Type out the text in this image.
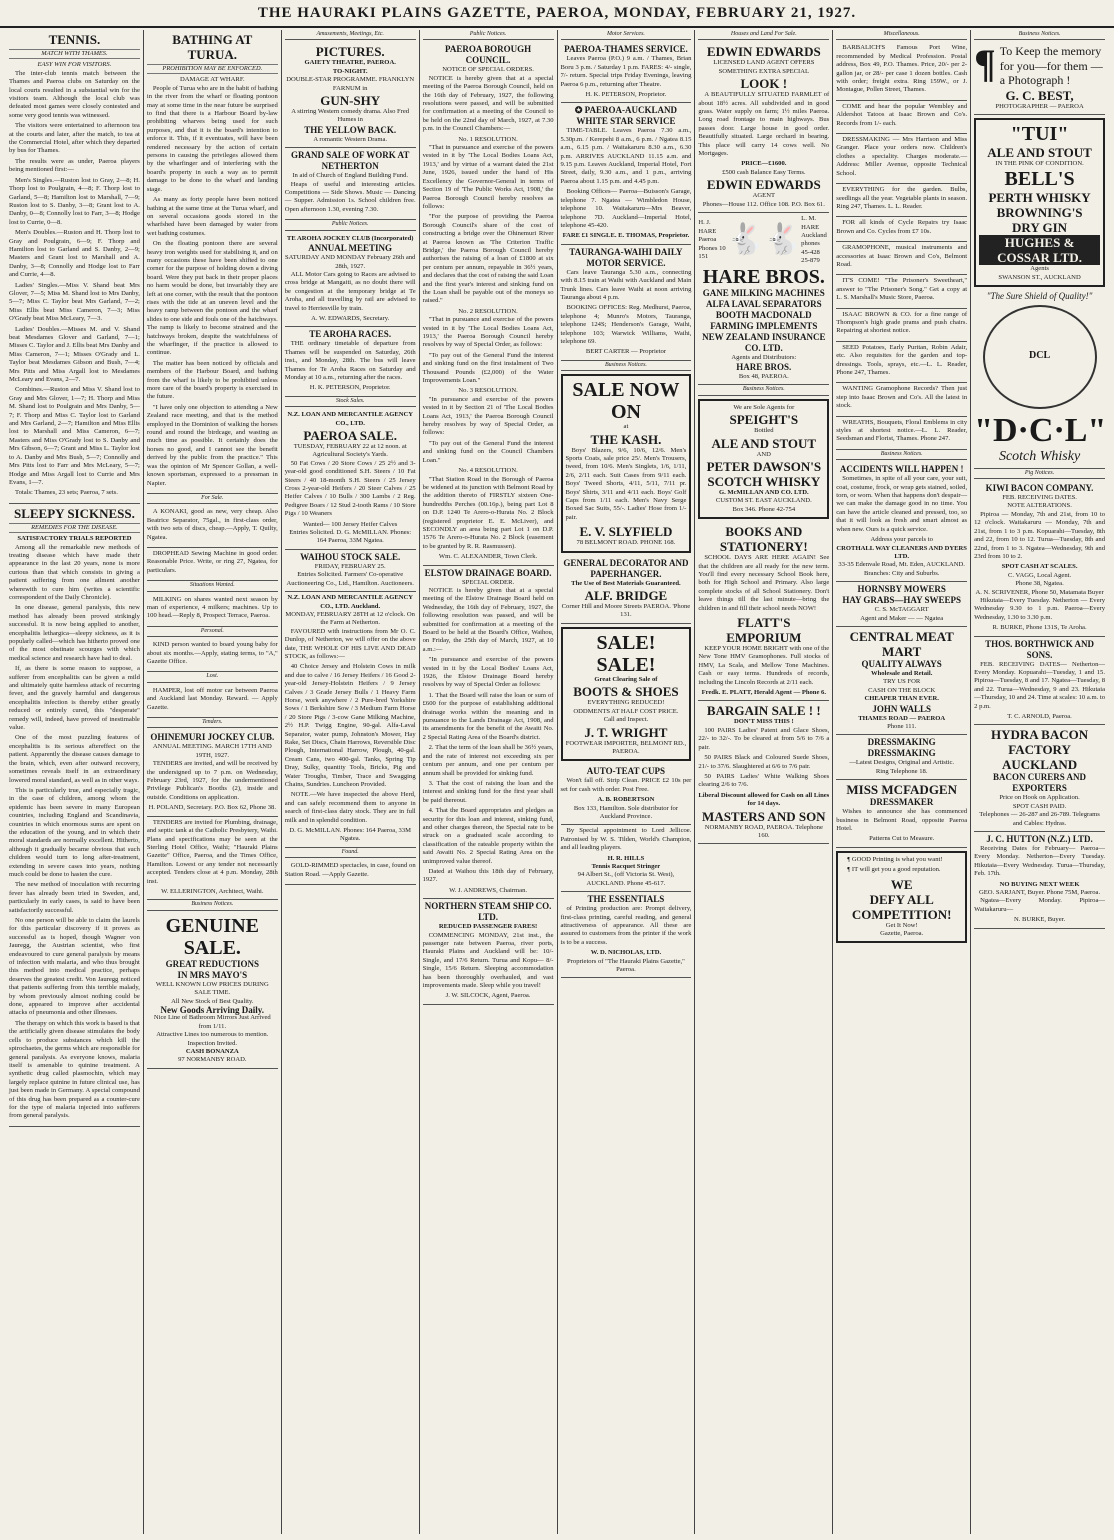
THE HAURAKI PLAINS GAZETTE, PAEROA, MONDAY, FEBRUARY 21, 1927.
TENNIS.
MATCH WITH THAMES.
EASY WIN FOR VISITORS.

The inter-club tennis match between the Thames and Paeroa clubs on Saturday on the local courts resulted in a substantial win for the visitors team. Although the local club was defeated most games were closely contested and some very good tennis was witnessed.

The visitors were entertained to afternoon tea at the courts and later, after the match, to tea at the Commercial Hotel, after which they departed by bus for Thames.

The results were as under, Paeroa players being mentioned first:—

Men's Singles.—Ruston lost to Gray, 2—8; H. Thorp lost to Poulgrain, 4—8; F. Thorp lost to Garland, 5—8; Hamilton lost to Marshall, 7—9; Ruston lost to S. Danby, 3—8; Grant lost to A. Danby, 0—8; Connolly lost to Farr, 3—8; Hodge lost to Currie, 0—8.

Men's Doubles.—Ruston and H. Thorp lost to Gray and Poulgrain, 6—9; F. Thorp and Hamilton lost to Garland and S. Danby, 2—9; Masters and Grant lost to Marshall and A. Danby, 3—8; Connolly and Hodge lost to Farr and Currie, 4—8.

Ladies' Singles.—Miss V. Shand beat Mrs Glover, 7—5; Miss M. Shand lost to Mrs Danby, 5—7; Miss C. Taylor beat Mrs Garland, 7—2; Miss Ellis beat Miss Cameron, 7—3; Miss O'Grady beat Miss McLeary, 7—3.

Ladies' Doubles.—Misses M. and V. Shand beat Mesdames Glover and Garland, 7—1; Misses C. Taylor and J. Ellis beat Mrs Danby and Miss Cameron, 7—1; Misses O'Grady and L. Taylor beat Mesdames Gibson and Bush, 7—4; Mrs Pitts and Miss Argall lost to Mesdames McLeary and Evans, 2—7.

Combines.—Ruston and Miss V. Shand lost to Gray and Mrs Glover, 1—7; H. Thorp and Miss M. Shand lost to Poulgrain and Mrs Danby, 5—7; F. Thorp and Miss C. Taylor lost to Garland and Mrs Garland, 2—7; Hamilton and Miss Ellis lost to Marshall and Miss Cameron, 6—7; Masters and Miss O'Grady lost to S. Danby and Mrs Gibson, 6—7; Grant and Miss L. Taylor lost to A. Danby and Mrs Bush, 5—7; Connolly and Mrs Pitts lost to Farr and Mrs McLeary, 5—7; Hodge and Miss Argall lost to Currie and Mrs Evans, 1—7.

Totals: Thames, 23 sets; Paeroa, 7 sets.

SLEEPY SICKNESS.
REMEDIES FOR THE DISEASE.
SATISFACTORY TRIALS REPORTED

Among all the remarkable new methods of treating disease which have made their appearance in the last 20 years, none is more curious than that which consists in giving a patient suffering from one ailment another wherewith to cure him (writes a scientific correspondent of the Daily Chronicle).

In one disease, general paralysis, this new method has already been proved strikingly successful. It is now being applied to another, encephalitis lethargica—sleepy sickness, as it is popularly called—which has hitherto proved one of the most obstinate scourges with which medical science and research have had to deal.

If, as there is some reason to suppose, a sufferer from encephalitis can be given a mild and ultimately quite harmless attack of recurring fever, and the gravely harmful and dangerous encephalitis infection is thereby either greatly reduced or entirely cured, this "desperate" remedy will, indeed, have proved of inestimable value.

One of the most puzzling features of encephalitis is its serious aftereffect on the patient. Apparently the disease causes damage to the brain, which, even after outward recovery, sometimes reveals itself in an extraordinary lowered moral standard, as well as in other ways.

This is particularly true, and especially tragic, in the case of children, among whom the epidemic has been severe in many European countries, including England and Scandinavia, countries in which enormous sums are spent on the education of the young, and in which their moral standards are normally excellent. Hitherto, although it gradually became obvious that such children would turn to long after-treatment, extending in severe cases into years, nothing much could be done to hasten the cure.

The new method of inoculation with recurring fever has already been tried in Sweden, and, particularly in early cases, is said to have been satisfactorily successful.

No one person will be able to claim the laurels for this particular discovery if it proves as successful as is hoped, though Wagner von Jauregg, the Austrian scientist, who first endeavoured to cure general paralysis by means of infection with malaria, and who thus brought this method into medical practice, perhaps deserves the greatest credit. Von Jauregg noticed that patients suffering from this terrible malady, by whom previously almost nothing could be done, appeared to improve after accidental attacks of pneumonia and other illnesses.

The therapy on which this work is based is that the artificially given disease stimulates the body cells to produce substances which kill the spirochaetes, the germs which are responsible for general paralysis. As everyone knows, malaria itself is amenable to quinine treatment. A synthetic drug called plasmochin, which may largely replace quinine in future clinical use, has just been made in Germany. A special compound of this drug has been prepared as a counter-cure for the type of malaria injected into sufferers from general paralysis.

BATHING AT TURUA.
PROHIBITION MAY BE ENFORCED.
DAMAGE AT WHARF.

People of Turua who are in the habit of bathing in the river from the wharf or floating pontoon may at some time in the near future be surprised to find that there is a Harbour Board by-law prohibiting wharves being used for such purposes, and that it is the board's intention to enforce it. This, if it eventuates, will have been rendered necessary by the action of certain persons in causing the privileges allowed them by the wharfinger and of interfering with the board's property in such a way as to permit damage to be done to the wharf and landing stage.

As many as forty people have been noticed bathing at the same time at the Turua wharf, and on several occasions goods stored in the wharfshed have been damaged by water from wet bathing costumes.

On the floating pontoon there are several heavy iron weights used for stabilising it, and on many occasions these have been shifted to one corner for the purpose of holding down a diving board. Were they put back in their proper places no harm would be done, but invariably they are left at one corner, with the result that the pontoon rises with the tide at an uneven level and the heavy ramp between the pontoon and the wharf slides to one side and fouls one of the hatchways. The ramp is likely to become strained and the hatchways broken, despite the watchfulness of the wharfinger, if the practice is allowed to continue.

The matter has been noticed by officials and members of the Harbour Board, and bathing from the wharf is likely to be prohibited unless more care of the board's property is exercised in the future.

"I have only one objection to attending a New Zealand race meeting, and that is the method employed in the Dominion of walking the horses round and round the birdcage, and wasting as much time as possible. It certainly does the horses no good, and I cannot see the benefit derived by the public from the practice." This was the opinion of Mr Spencer Gollan, a well-known sportsman, expressed to a pressman in Napier.

For Sale.

A KONAKI, good as new, very cheap. Also Beatrice Separator, 75gal., in first-class order, with two sets of discs, cheap.—Apply, T. Quilty, Ngatea.

DROPHEAD Sewing Machine in good order. Reasonable Price. Write, or ring 27, Ngatea, for particulars.

Situations Wanted.

MILKING on shares wanted next season by man of experience, 4 milkers; machines. Up to 100 head.—Reply 8, Prospect Terrace, Paeroa.

Personal.

KIND person wanted to board young baby for about six months.—Apply, stating terms, to "A," Gazette Office.

Lost.

HAMPER, lost off motor car between Paeroa and Auckland last Monday. Reward. — Apply Gazette.

Tenders.
OHINEMURI JOCKEY CLUB.
ANNUAL MEETING. MARCH 17TH AND 19TH, 1927.

TENDERS are invited, and will be received by the undersigned up to 7 p.m. on Wednesday, February 23rd, 1927, for the undermentioned Privilege Publican's Booths (2), inside and outside. Conditions on application.

H. POLAND, Secretary. P.O. Box 62, Phone 38.

TENDERS are invited for Plumbing, drainage, and septic tank at the Catholic Presbytery, Waihi. Plans and specifications may be seen at the Sterling Hotel Office, Waihi; "Hauraki Plains Gazette" Office, Paeroa, and the Times Office, Hamilton. Lowest or any tender not necessarily accepted. Tenders close at 4 p.m. Monday, 28th inst.

W. ELLERINGTON, Architect, Waihi.
Business Notices.
GENUINE SALE.
GREAT REDUCTIONS
IN MRS MAYO'S
WELL KNOWN LOW PRICES DURING SALE TIME.
All New Stock of Best Quality.
New Goods Arriving Daily.
Nice Line of Bathroom Mirrors Just Arrived from 1/11.
Attractive Lines too numerous to mention.
Inspection Invited.
CASH BONANZA
97 NORMANBY ROAD.
Amusements, Meetings, Etc.
PICTURES.
GAIETY THEATRE, PAEROA.
TO-NIGHT.
DOUBLE-STAR PROGRAMME. FRANKLYN FARNUM in
GUN-SHY
A stirring Western comedy drama. Also Fred Humes in
THE YELLOW BACK.
A romantic Western Drama.
GRAND SALE OF WORK AT NETHERTON
In aid of Church of England Building Fund.

Heaps of useful and interesting articles. Competitions — Side Shows. Music — Dancing — Supper. Admission 1s. School children free. Open afternoon 1.30, evening 7.30.

Public Notices.
TE AROHA JOCKEY CLUB (Incorporated)
ANNUAL MEETING
SATURDAY AND MONDAY February 26th and 28th, 1927.

ALL Motor Cars going to Races are advised to cross bridge at Mangaiti, as no doubt there will be congestion at the temporary bridge at Te Aroha, and all travelling by rail are advised to travel to Herriesville by train.

A. W. EDWARDS, Secretary.
TE AROHA RACES.

THE ordinary timetable of departure from Thames will be suspended on Saturday, 26th inst., and Monday, 28th. The bus will leave Thames for Te Aroha Races on Saturday and Monday at 10 a.m., returning after the races.

H. K. PETERSON, Proprietor.
Stock Sales.
N.Z. LOAN AND MERCANTILE AGENCY CO., LTD.
PAEROA SALE.
TUESDAY, FEBRUARY 22 at 12 noon. at Agricultural Society's Yards.

50 Fat Cows / 20 Store Cows / 25 2½ and 3-year-old good conditioned S.H. Steers / 10 Fat Steers / 40 18-month S.H. Steers / 25 Jersey Cross 2-year-old Heifers / 20 Steer Calves / 25 Heifer Calves / 10 Bulls / 300 Lambs / 2 Reg. Pedigree Boars / 12 Stud 2-tooth Rams / 10 Store Pigs / 10 Weaners

Wanted— 100 Jersey Heifer Calves
Entries Solicited. D. G. McMILLAN. Phones: 164 Paeroa, 33M Ngatea.
WAIHOU STOCK SALE.
FRIDAY, FEBRUARY 25.
Entries Solicited. Farmers' Co-operative Auctioneering Co., Ltd., Hamilton. Auctioneers.
N.Z. LOAN AND MERCANTILE AGENCY CO., LTD. Auckland.
MONDAY, FEBRUARY 28TH at 12 o'clock. On the Farm at Netherton.

FAVOURED with instructions from Mr O. C. Dunlop, of Netherton, we will offer on the above date, THE WHOLE OF HIS LIVE AND DEAD STOCK, as follows:—

40 Choice Jersey and Holstein Cows in milk and due to calve / 16 Jersey Heifers / 16 Good 2-year-old Jersey-Holstein Heifers / 9 Jersey Calves / 3 Grade Jersey Bulls / 1 Heavy Farm Horse, work anywhere / 2 Pure-bred Yorkshire Sows / 1 Berkshire Sow / 3 Medium Farm Horse / 20 Store Pigs / 3-cow Gane Milking Machine, 2½ H.P. Twigg Engine, 90-gal. Alfa-Laval Separator, water pump, Johnston's Mower, Hay Rake, Set Discs, Chain Harrows, Reversible Disc Plough, International Harrow, Plough, 40-gal. Cream Cans, two 400-gal. Tanks, Spring Tip Dray, Sulky, quantity Tools, Bricks, Pig and Water Troughs, Timber, Trace and Swagging Chains, Sundries. Luncheon Provided.

NOTE.—We have inspected the above Herd, and can safely recommend them to anyone in search of first-class dairy stock. They are in full milk and in splendid condition.

D. G. McMILLAN. Phones: 164 Paeroa, 33M Ngatea.
Found.

GOLD-RIMMED spectacles, in case, found on Station Road. —Apply Gazette.

Public Notices.
PAEROA BOROUGH COUNCIL.
NOTICE OF SPECIAL ORDERS.

NOTICE is hereby given that at a special meeting of the Paeroa Borough Council, held on the 16th day of February, 1927, the following resolutions were passed, and will be submitted for confirmation at a meeting of the Council to be held on the 22nd day of March, 1927, at 7.30 p.m. in the Council Chambers:—

No. 1 RESOLUTION.

"That in pursuance and exercise of the powers vested in it by 'The Local Bodies Loans Act, 1913,' and by virtue of a warrant dated the 21st June, 1926, issued under the hand of His Excellency the Governor-General in terms of Section 19 of 'The Public Works Act, 1908,' the Paeroa Borough Council hereby resolves as follows:

"For the purpose of providing the Paeroa Borough Council's share of the cost of constructing a bridge over the Ohinemuri River at Paeroa known as 'The Criterion Traffic Bridge,' the Paeroa Borough Council hereby authorises the raising of a loan of £1800 at six per centum per annum, repayable in 36½ years, and declares that the cost of raising the said Loan and the first year's interest and sinking fund on the Loan shall be payable out of the moneys so raised."

No. 2 RESOLUTION.

"That in pursuance and exercise of the powers vested in it by 'The Local Bodies Loans Act, 1913,' the Paeroa Borough Council hereby resolves by way of Special Order, as follows:

"To pay out of the General Fund the interest and sinking fund on the first instalment of Two Thousand Pounds (£2,000) of the Water Improvements Loan."

No. 3 RESOLUTION.

"In pursuance and exercise of the powers vested in it by Section 21 of 'The Local Bodies Loans Act, 1913,' the Paeroa Borough Council hereby resolves by way of Special Order, as follows:

"To pay out of the General Fund the interest and sinking fund on the Council Chambers Loan."

No. 4 RESOLUTION.

"That Station Road in the Borough of Paeroa be widened at its junction with Belmont Road by the addition thereto of FIRSTLY sixteen One-hundredths Perches (00.16p.), being part Lot 8 on D.P. 1240 Te Arero-o-Hurata No. 2 Block (registered proprietor E. E. McLiver), and SECONDLY an area being part Lot 1 on D.P. 1576 Te Arero-o-Hurata No. 2 Block (easement to be granted by R. R. Rasmussen).

Wm. C. ALEXANDER, Town Clerk.
ELSTOW DRAINAGE BOARD.
SPECIAL ORDER.

NOTICE is hereby given that at a special meeting of the Elstow Drainage Board held on Wednesday, the 16th day of February, 1927, the following resolution was passed, and will be submitted for confirmation at a meeting of the Board to be held at the Board's Office, Waihou, on Friday, the 25th day of March, 1927, at 10 a.m.:—

"In pursuance and exercise of the powers vested in it by the Local Bodies' Loans Act, 1926, the Elstow Drainage Board hereby resolves by way of Special Order as follows:

1. That the Board will raise the loan or sum of £600 for the purpose of establishing additional drainage works within the meaning and in pursuance to the Lands Drainage Act, 1908, and its amendments for the benefit of the Awaiti No. 2 Special Rating Area of the Board's district.

2. That the term of the loan shall be 36½ years, and the rate of interest not exceeding six per centum per annum, and one per centum per annum shall be provided for sinking fund.

3. That the cost of raising the loan and the interest and sinking fund for the first year shall be paid thereout.

4. That the Board appropriates and pledges as security for this loan and interest, sinking fund, and other charges thereon, the Special rate to be struck on a graduated scale according to classification of the rateable property within the said Awaiti No. 2 Special Rating Area on the unimproved value thereof.

Dated at Waihou this 18th day of February, 1927.

W. J. ANDREWS, Chairman.
NORTHERN STEAM SHIP CO. LTD.
REDUCED PASSENGER FARES!

COMMENCING MONDAY, 21st inst., the passenger rate between Paeroa, river ports, Hauraki Plains and Auckland will be: 10/- Single, and 17/6 Return. Turua and Kopu— 8/- Single, 15/6 Return. Sleeping accommodation has been thoroughly overhauled, and vast improvements made. Sleep while you travel!

J. W. SILCOCK, Agent, Paeroa.
Motor Services.
PAEROA-THAMES SERVICE.

Leaves Paeroa (P.O.) 9 a.m. / Thames, Brian Boru 3 p.m. / Saturday 1 p.m. FARES: 4/- single, 7/- return. Special trips Friday Evenings, leaving Paeroa 6 p.m., returning after Theatre.

H. K. PETERSON, Proprietor.
✪ PAEROA-AUCKLAND WHITE STAR SERVICE

TIME-TABLE. Leaves Paeroa 7.30 a.m., 5.30p.m. / Kerepehi 8 a.m., 6 p.m. / Ngatea 8.15 a.m., 6.15 p.m. / Waitakaruru 8.30 a.m., 6.30 p.m. ARRIVES AUCKLAND 11.15 a.m. and 9.15 p.m. Leaves Auckland, Imperial Hotel, Fort Street, daily, 9.30 a.m., and 1 p.m., arriving Paeroa about 1.15 p.m. and 4.45 p.m.

Booking Offices— Paeroa—Buisson's Garage, telephone 7. Ngatea — Wimbledon House, telephone 10. Waitakaruru—Mrs Beaver, telephone 7D. Auckland—Imperial Hotel, telephone 45-420.

FARE £1 SINGLE. E. THOMAS, Proprietor.
TAURANGA-WAIHI DAILY MOTOR SERVICE.

Cars leave Tauranga 5.30 a.m., connecting with 8.15 train at Waihi with Auckland and Main Trunk lines. Cars leave Waihi at noon arriving Tauranga about 4 p.m.

BOOKING OFFICES: Reg. Medhurst, Paeroa, telephone 4; Munro's Motors, Tauranga, telephone 124S; Henderson's Garage, Waihi, telephone 103; Warwick Williams, Waihi, telephone 69.

BERT CARTER — Proprietor
Business Notices.
SALE NOW ON
at
THE KASH.

Boys' Blazers, 9/6, 10/6, 12/6. Men's Sports Coats, sale price 25/. Men's Trousers, tweed, from 10/6. Men's Singlets, 1/6, 1/11, 2/6, 2/11 each. Suit Cases from 9/11 each. Boys' Tweed Shorts, 4/11, 5/11, 7/11 pr. Boys' Shirts, 3/11 and 4/11 each. Boys' Golf Caps from 1/11 each. Men's Navy Serge Boxed Sac Suits, 55/-. Ladies' Hose from 1/- pair.

E. V. SLYFIELD
78 BELMONT ROAD. PHONE 168.
GENERAL DECORATOR AND PAPERHANGER.
The Use of Best Materials Guaranteed.
ALF. BRIDGE
Corner Hill and Moore Streets PAEROA. 'Phone 131.
SALE! SALE!
Great Clearing Sale of
BOOTS & SHOES
EVERYTHING REDUCED!
ODDMENTS AT HALF COST PRICE.
Call and Inspect.
J. T. WRIGHT
FOOTWEAR IMPORTER, BELMONT RD., PAEROA.
AUTO-TEAT CUPS

Won't fall off. Strip Clean. PRICE £2 10s per set for cash with order. Post Free.

A. B. ROBERTSON
Box 133, Hamilton. Sole distributor for Auckland Province.

By Special appointment to Lord Jellicoe. Patronised by W. S. Tilden, World's Champion, and all leading players.

H. R. HILLS
Tennis Racquet Stringer
94 Albert St., (off Victoria St. West), AUCKLAND. Phone 45-617.
THE ESSENTIALS

of Printing production are: Prompt delivery, first-class printing, careful reading, and general attractiveness of appearance. All these are assured to customers from the printer if the work is to be a success.

W. D. NICHOLAS, LTD.
Proprietors of "The Hauraki Plains Gazette," Paeroa.
Houses and Land For Sale.
EDWIN EDWARDS
LICENSED LAND AGENT OFFERS SOMETHING EXTRA SPECIAL
LOOK !

A BEAUTIFULLY SITUATED FARMLET of about 18½ acres. All subdivided and in good grass. Water supply on farm; 1½ miles Paeroa. Long road frontage to main highways. Bus passes door. Large house in good order. Beautifully situated. Large orchard in bearing. This place will carry 14 cows well. No Mortgages.

PRICE—£1600.
£500 cash Balance Easy Terms.
EDWIN EDWARDS
AGENT
Phones—House 112. Office 108. P.O. Box 61.
H. J. HARE Paeroa Phones 10 151
🐇 🐇
L. M. HARE Auckland phones 45-428 25-879
HARE BROS.
GANE MILKING MACHINES
ALFA LAVAL SEPARATORS
BOOTH MACDONALD FARMING IMPLEMENTS
NEW ZEALAND INSURANCE CO. LTD.
Agents and Distributors:
HARE BROS.
Box 48, PAEROA.
Business Notices.
We are Sole Agents for
SPEIGHT'S
Bottled
ALE AND STOUT
AND
PETER DAWSON'S
SCOTCH WHISKY
G. McMILLAN AND CO. LTD.
CUSTOM ST. EAST AUCKLAND.
Box 346. Phone 42-754
BOOKS AND STATIONERY!

SCHOOL DAYS ARE HERE AGAIN! See that the children are all ready for the new term. You'll find every necessary School Book here, both for High School and Primary. Also large complete stocks of all School Stationery. Don't leave things till the last minute—bring the children in and fill their school needs NOW!

FLATT'S EMPORIUM

KEEP YOUR HOME BRIGHT with one of the New Tone HMV Gramophones. Full stocks of HMV, La Scala, and Mellow Tone Machines. Cash or easy terms. Hundreds of records, including the Lincoln Records at 2/11 each.

Fredk. E. PLATT, Herald Agent — Phone 6.
BARGAIN SALE ! !
DON'T MISS THIS !

100 PAIRS Ladies' Patent and Glace Shoes, 22/- to 32/-. To be cleared at from 5/6 to 7/6 a pair.

50 PAIRS Black and Coloured Suede Shoes, 21/- to 37/6. Slaughtered at 6/6 to 7/6 pair.

50 PAIRS Ladies' White Walking Shoes clearing 2/6 to 7/6.

Liberal Discount allowed for Cash on all Lines for 14 days.
MASTERS AND SON
NORMANBY ROAD, PAEROA. Telephone 160.
Miscellaneous.

BARBALICH'S Famous Port Wine, recommended by Medical Profession. Postal address, Box 49, P.O. Thames. Price, 20/- per 2-gallon jar, or 28/- per case 1 dozen bottles. Cash with order; freight extra. Ring 159W., or J. Montague, Pollen Street, Thames.

COME and hear the popular Wembley and Aldershot Tatoos at Isaac Brown and Co's. Records from 1/- each.

DRESSMAKING — Mrs Harrison and Miss Granger. Place your orders now. Children's clothes a speciality. Charges moderate.— Address: Miller Avenue, opposite Technical School.

EVERYTHING for the garden. Bulbs, seedlings all the year. Vegetable plants in season. Ring 247, Thames. L. L. Reader.

FOR all kinds of Cycle Repairs try Isaac Brown and Co. Cycles from £7 10s.

GRAMOPHONE, musical instruments and accessories at Isaac Brown and Co's, Belmont Road.

IT'S COME! "The Prisoner's Sweetheart," answer to "The Prisoner's Song." Get a copy at L. S. Marshall's Music Store, Paeroa.

ISAAC BROWN & CO. for a fine range of Thompson's high grade prams and push chairs. Repairing at shortest notice.

SEED Potatoes, Early Puritan, Robin Adair, etc. Also requisites for the garden and top-dressings. Tools, sprays, etc.—L. L. Reader, Phone 247, Thames.

WANTING Gramophone Records? Then just step into Isaac Brown and Co's. All the latest in stock.

WREATHS, Bouquets, Floral Emblems in city styles at shortest notice.—L. L. Reader, Seedsman and Florist, Thames. Phone 247.

Business Notices.
ACCIDENTS WILL HAPPEN !

Sometimes, in spite of all your care, your suit, coat, costume, frock, or wrap gets stained, soiled, torn, or worn. When that happens don't despair—we can make the damage good in no time. You can have the article cleaned and pressed, too, so that it will look as fresh and smart almost as when new. Ours is a quick service.

Address your parcels to
CROTHALL WAY CLEANERS AND DYERS LTD.
33-35 Edenvale Road, Mt. Eden, AUCKLAND.
Branches: City and Suburbs.
HORNSBY MOWERS
HAY GRABS—HAY SWEEPS
C. S. McTAGGART
Agent and Maker — — Ngatea
CENTRAL MEAT MART
QUALITY ALWAYS
Wholesale and Retail.
TRY US FOR
CASH ON THE BLOCK
CHEAPER THAN EVER.
JOHN WALLS
THAMES ROAD — PAEROA
Phone 111.
DRESSMAKING
DRESSMAKING
—Latest Designs, Original and Artistic.
Ring Telephone 18.
MISS MCFADGEN
DRESSMAKER

Wishes to announce she has commenced business in Belmont Road, opposite Paeroa Hotel.

Patterns Cut to Measure.

¶ GOOD Printing is what you want!

¶ IT will get you a good reputation.

WE
DEFY ALL
COMPETITION!
Get It Now!
Gazette, Paeroa.
Business Notices.
¶ To Keep the memory for you—for them —a Photograph !
G. C. BEST,
PHOTOGRAPHER — PAEROA
"TUI"
ALE AND STOUT
IN THE PINK OF CONDITION.
BELL'S
PERTH WHISKY
BROWNING'S
DRY GIN
HUGHES & COSSAR LTD.
Agents
SWANSON ST., AUCKLAND
"The Sure Shield of Quality!"
DCL
"D·C·L"
Scotch Whisky
Pig Notices.
KIWI BACON COMPANY.
FEB. RECEIVING DATES.
NOTE ALTERATIONS.

Pipiroa — Monday, 7th and 21st, from 10 to 12 o'clock. Waitakaruru — Monday, 7th and 21st, from 1 to 3 p.m. Kopuarahi—Tuesday, 8th and 22, from 10 to 12. Turua—Tuesday, 8th and 22nd, from 1 to 3. Ngatea—Wednesday, 9th and 23rd from 10 to 2.

SPOT CASH AT SCALES.
C. VAGG, Local Agent.
Phone 38, Ngatea.
A. N. SCRIVENER, Phone 50, Matamata Buyer

Hikutaia—Every Tuesday. Netherton — Every Wednesday 9.30 to 1 p.m. Paeroa—Every Wednesday, 1.30 to 3.30 p.m.

R. BURKE, Phone 131S, Te Aroha.
THOS. BORTHWICK AND SONS.

FEB. RECEIVING DATES— Netherton—Every Monday. Kopuarahi—Tuesday, 1 and 15. Pipiroa—Tuesday, 8 and 17. Ngatea—Tuesday, 8 and 22. Turua—Wednesday, 9 and 23. Hikutaia—Thursday, 10 and 24. Time at scales: 10 a.m. to 2 p.m.

T. C. ARNOLD, Paeroa.
HYDRA BACON FACTORY AUCKLAND
BACON CURERS AND EXPORTERS
Price on Hook on Application.
SPOT CASH PAID.
Telephones — 26-287 and 26-789. Telegrams and Cables: Hydras.
J. C. HUTTON (N.Z.) LTD.

Receiving Dates for February— Paeroa—Every Monday. Netherton—Every Tuesday. Hikutaia—Every Wednesday. Turua—Thursday, Feb. 17th.

NO BUYING NEXT WEEK
GEO. SARJANT, Buyer. Phone 75M, Paeroa.

Ngatea—Every Monday. Pipiroa— Waitakaruru—

N. BURKE, Buyer.
